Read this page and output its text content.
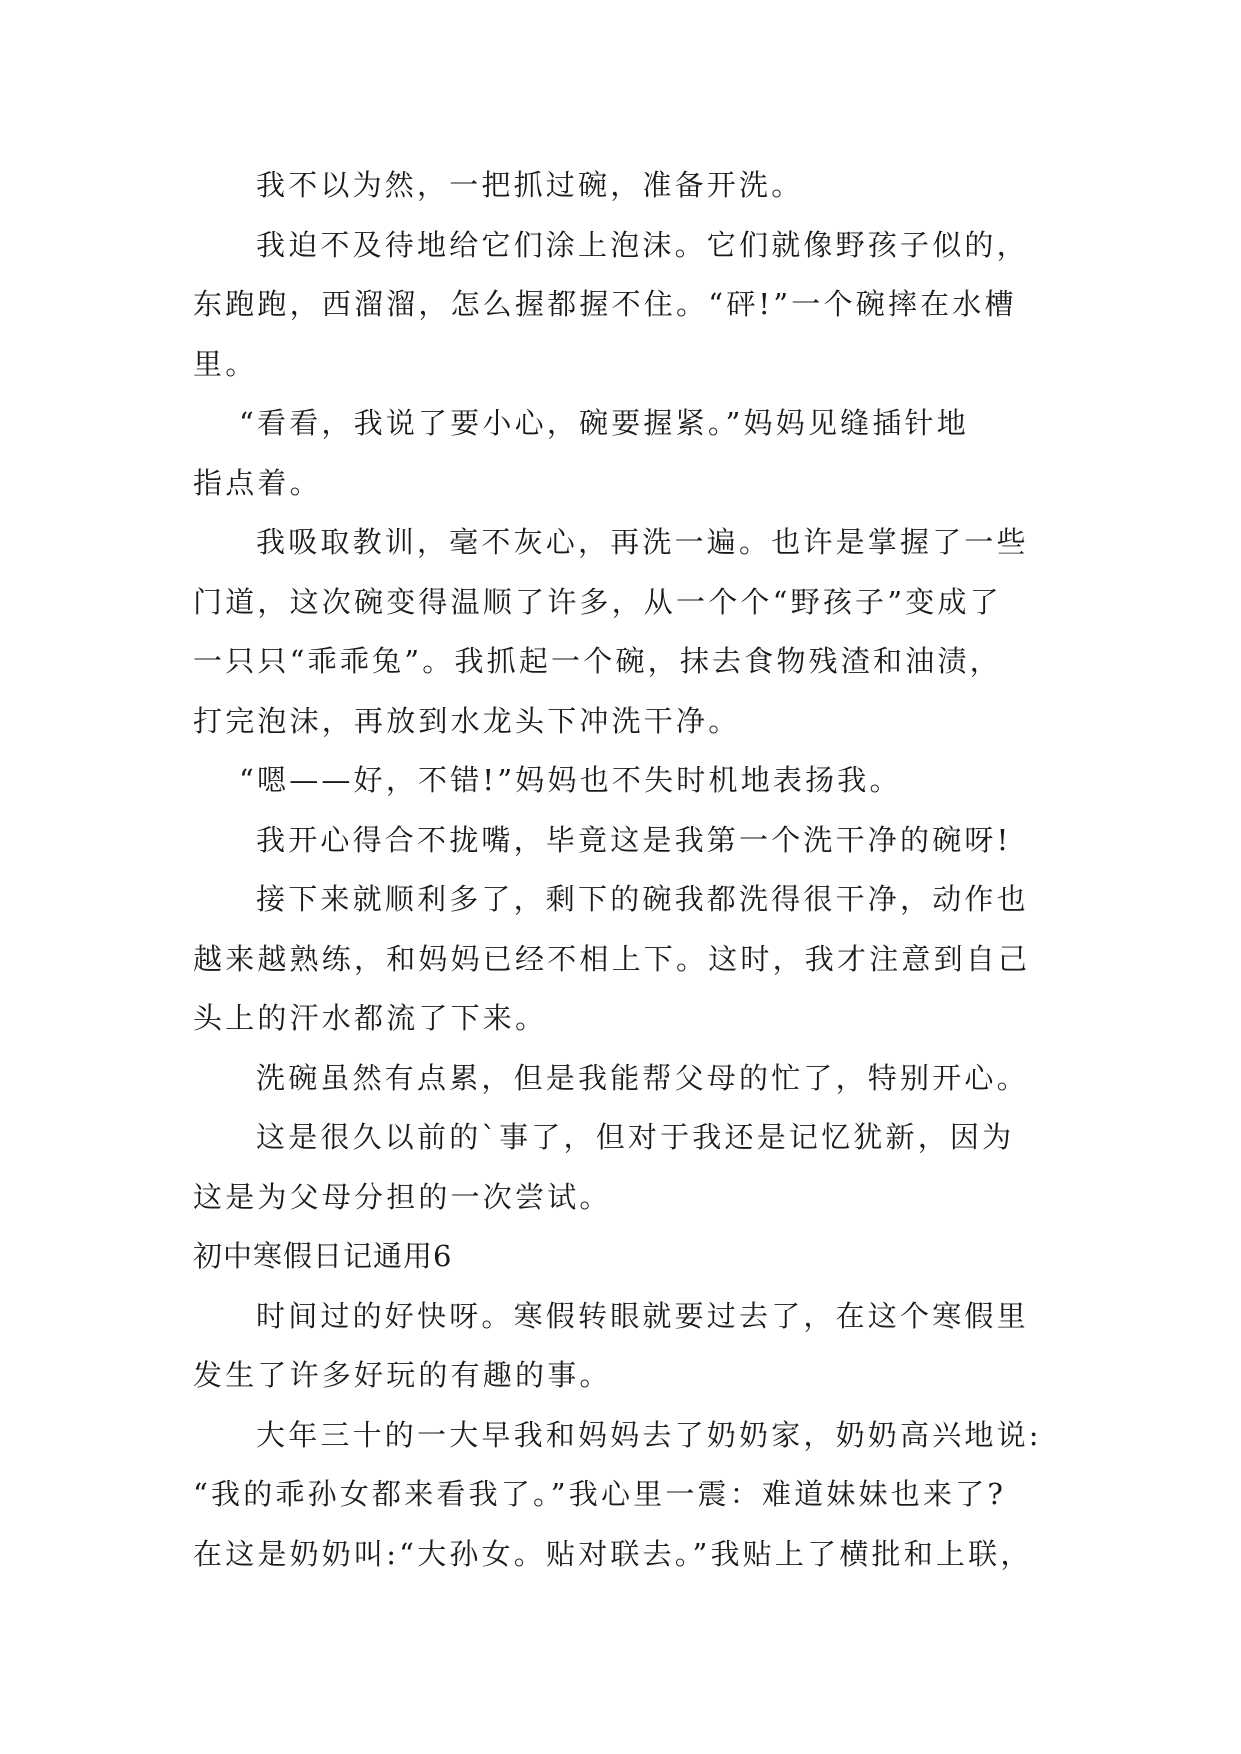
我不以为然，一把抓过碗，准备开洗。
我迫不及待地给它们涂上泡沫。它们就像野孩子似的，
东跑跑，西溜溜，怎么握都握不住。“砰!”一个碗摔在水槽
里。
“看看，我说了要小心，碗要握紧。”妈妈见缝插针地
指点着。
我吸取教训，毫不灰心，再洗一遍。也许是掌握了一些
门道，这次碗变得温顺了许多，从一个个“野孩子”变成了
一只只“乖乖兔”。我抓起一个碗，抹去食物残渣和油渍，
打完泡沫，再放到水龙头下冲洗干净。
“嗯——好，不错!”妈妈也不失时机地表扬我。
我开心得合不拢嘴，毕竟这是我第一个洗干净的碗呀!
接下来就顺利多了，剩下的碗我都洗得很干净，动作也
越来越熟练，和妈妈已经不相上下。这时，我才注意到自己
头上的汗水都流了下来。
洗碗虽然有点累，但是我能帮父母的忙了，特别开心。
这是很久以前的`事了，但对于我还是记忆犹新，因为
这是为父母分担的一次尝试。
初中寒假日记通用6
时间过的好快呀。寒假转眼就要过去了，在这个寒假里
发生了许多好玩的有趣的事。
大年三十的一大早我和妈妈去了奶奶家，奶奶高兴地说:
“我的乖孙女都来看我了。”我心里一震：难道妹妹也来了?
在这是奶奶叫:“大孙女。贴对联去。”我贴上了横批和上联，
